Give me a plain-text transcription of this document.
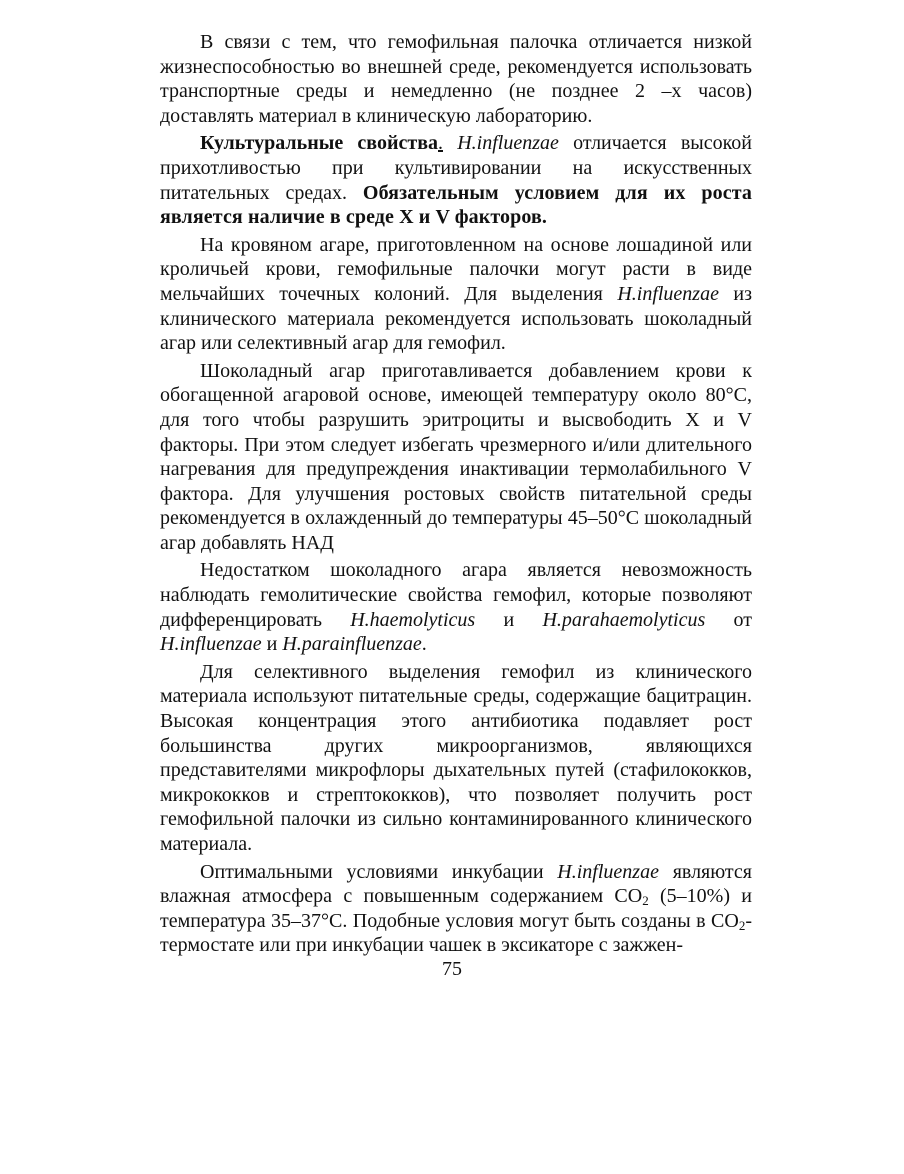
В связи с тем, что гемофильная палочка отличается низкой жизнеспособностью во внешней среде, рекомендуется использовать транспортные среды и немедленно (не позднее 2 –х часов) доставлять материал в клиническую лабораторию.

Культуральные свойства. H.influenzae отличается высокой прихотливостью при культивировании на искусственных питательных средах. Обязательным условием для их роста является наличие в среде X и V факторов.

На кровяном агаре, приготовленном на основе лошадиной или кроличьей крови, гемофильные палочки могут расти в виде мельчайших точечных колоний. Для выделения H.influenzae из клинического материала рекомендуется использовать шоколадный агар или селективный агар для гемофил.

Шоколадный агар приготавливается добавлением крови к обогащенной агаровой основе, имеющей температуру около 80°С, для того чтобы разрушить эритроциты и высвободить X и V факторы. При этом следует избегать чрезмерного и/или длительного нагревания для предупреждения инактивации термолабильного V фактора. Для улучшения ростовых свойств питательной среды рекомендуется в охлажденный до температуры 45–50°С шоколадный агар добавлять НАД

Недостатком шоколадного агара является невозможность наблюдать гемолитические свойства гемофил, которые позволяют дифференцировать H.haemolyticus и H.parahaemolyticus от H.influenzae и H.parainfluenzae.

Для селективного выделения гемофил из клинического материала используют питательные среды, содержащие бацитрацин. Высокая концентрация этого антибиотика подавляет рост большинства других микроорганизмов, являющихся представителями микрофлоры дыхательных путей (стафилококков, микрококков и стрептококков), что позволяет получить рост гемофильной палочки из сильно контаминированного клинического материала.

Оптимальными условиями инкубации H.influenzae являются влажная атмосфера с повышенным содержанием $СО_2$ (5–10%) и температура 35–37°С. Подобные условия могут быть созданы в $СО_2$-термостате или при инкубации чашек в эксикаторе с зажжен-

75
